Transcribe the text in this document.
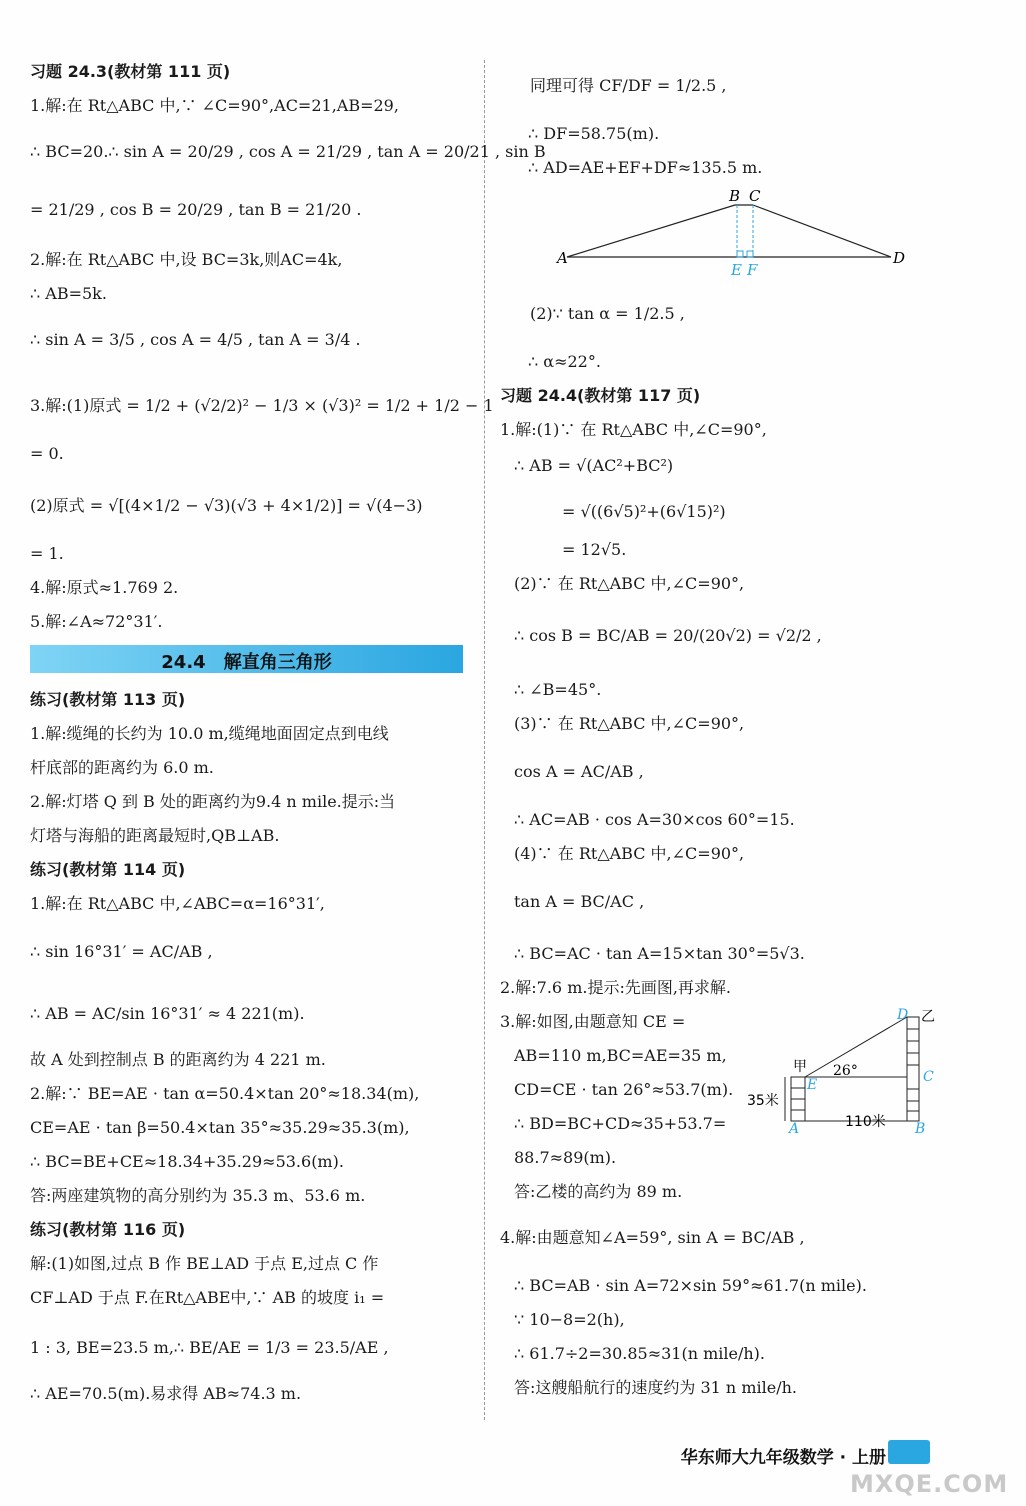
习题 24.3(教材第 111 页)
1.解:在 Rt△ABC 中,∵ ∠C=90°,AC=21,AB=29,
∴ BC=20.∴ sin A = 20/29 , cos A = 21/29 , tan A = 20/21 , sin B
= 21/29 , cos B = 20/29 , tan B = 21/20 .
2.解:在 Rt△ABC 中,设 BC=3k,则AC=4k,
∴ AB=5k.
∴ sin A = 3/5 , cos A = 4/5 , tan A = 3/4 .
3.解:(1)原式 = 1/2 + (√2/2)² − 1/3 × (√3)² = 1/2 + 1/2 − 1
= 0.
(2)原式 = √[(4×1/2 − √3)(√3 + 4×1/2)] = √(4−3)
= 1.
4.解:原式≈1.769 2.
5.解:∠A≈72°31′.
练习(教材第 113 页)
1.解:缆绳的长约为 10.0 m,缆绳地面固定点到电线
杆底部的距离约为 6.0 m.
2.解:灯塔 Q 到 B 处的距离约为9.4 n mile.提示:当
灯塔与海船的距离最短时,QB⊥AB.
练习(教材第 114 页)
1.解:在 Rt△ABC 中,∠ABC=α=16°31′,
∴ sin 16°31′ = AC/AB ,
∴ AB = AC/sin 16°31′ ≈ 4 221(m).
故 A 处到控制点 B 的距离约为 4 221 m.
2.解:∵ BE=AE · tan α=50.4×tan 20°≈18.34(m),
CE=AE · tan β=50.4×tan 35°≈35.29≈35.3(m),
∴ BC=BE+CE≈18.34+35.29≈53.6(m).
答:两座建筑物的高分别约为 35.3 m、53.6 m.
练习(教材第 116 页)
解:(1)如图,过点 B 作 BE⊥AD 于点 E,过点 C 作
CF⊥AD 于点 F.在Rt△ABE中,∵ AB 的坡度 i₁ =
1 : 3, BE=23.5 m,∴ BE/AE = 1/3 = 23.5/AE ,
∴ AE=70.5(m).易求得 AB≈74.3 m.
24.4　解直角三角形
同理可得 CF/DF = 1/2.5 ,
∴ DF=58.75(m).
∴ AD=AE+EF+DF≈135.5 m.
(2)∵ tan α = 1/2.5 ,
∴ α≈22°.
习题 24.4(教材第 117 页)
1.解:(1)∵ 在 Rt△ABC 中,∠C=90°,
∴ AB = √(AC²+BC²)
= √((6√5)²+(6√15)²)
= 12√5.
(2)∵ 在 Rt△ABC 中,∠C=90°,
∴ cos B = BC/AB = 20/(20√2) = √2/2 ,
∴ ∠B=45°.
(3)∵ 在 Rt△ABC 中,∠C=90°,
cos A = AC/AB ,
∴ AC=AB · cos A=30×cos 60°=15.
(4)∵ 在 Rt△ABC 中,∠C=90°,
tan A = BC/AC ,
∴ BC=AC · tan A=15×tan 30°=5√3.
2.解:7.6 m.提示:先画图,再求解.
3.解:如图,由题意知 CE =
AB=110 m,BC=AE=35 m,
CD=CE · tan 26°≈53.7(m).
∴ BD=BC+CD≈35+53.7=
88.7≈89(m).
答:乙楼的高约为 89 m.
4.解:由题意知∠A=59°, sin A = BC/AB ,
∴ BC=AB · sin A=72×sin 59°≈61.7(n mile).
∵ 10−8=2(h),
∴ 61.7÷2=30.85≈31(n mile/h).
答:这艘船航行的速度约为 31 n mile/h.
A
B C
D
E F
甲
乙
D
C
E
A	B
26°
35米
110米
华东师大九年级数学 · 上册
MXQE.COM
